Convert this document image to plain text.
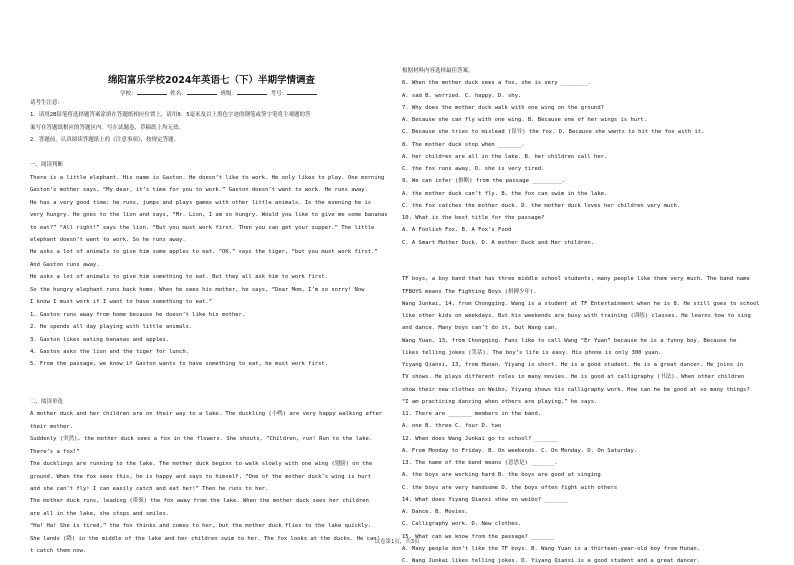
绵阳富乐学校2024年英语七（下）半期学情调查
学校：	姓名：	班级：	考号：
请考生注意：
1．请用2B铅笔将选择题答案涂填在答题纸相应位置上，请用0．5毫米及以上黑色字迹的钢笔或签字笔将主观题的答
案写在答题纸相应的答题区内。写在试题卷、草稿纸上均无效。
2．答题前，认真阅读答题纸上的《注意事项》，按规定答题。
一、阅读判断
There is a little elephant. His name is Gaston. He doesn’t like to work. He only likes to play. One morning
Gaston’s mother says, “My dear, it’s time for you to work.” Gaston doesn’t want to work. He runs away.
He has a very good time: he runs, jumps and plays games with other little animals. In the evening he is
very hungry. He goes to the lion and says, “Mr. Lion, I am so hungry. Would you like to give me some bananas
to eat?” “All right!” says the lion. “But you must work first. Then you can get your supper.” The little
elephant doesn’t want to work. So he runs away.
He asks a lot of animals to give him some apples to eat. “OK,” says the tiger, “but you must work first.”
And Gaston runs away.
He asks a lot of animals to give him something to eat. But they all ask him to work first.
So the hungry elephant runs back home. When he sees his mother, he says, “Dear Mom, I’m so sorry! Now
I know I must work if I want to have something to eat.”
1. Gaston runs away from home because he doesn’t like his mother.
2. He spends all day playing with little animals.
3. Gaston likes eating bananas and apples.
4. Gaston asks the lion and the tiger for lunch.
5. From the passage, we know if Gaston wants to have something to eat, he must work first.
二、阅读单选
A mother duck and her children are on their way to a lake. The duckling (小鸭) are very happy walking after
their mother.
Suddenly (突然), the mother duck sees a fox in the flowers. She shouts, “Children, run! Run to the lake.
There’s a fox!”
The ducklings are running to the lake. The mother duck begins to walk slowly with one wing (翅膀) on the
ground. When the fox sees this, he is happy and says to himself, “One of the mother duck’s wing is hurt
and she can’t fly! I can easily catch and eat her!” Then he runs to her.
The mother duck runs, leading (带领) the fox away from the lake. When the mother duck sees her children
are all in the lake, she stops and smiles.
“Ha! Ha! She is tired,” the fox thinks and comes to her, but the mother duck flies to the lake quickly.
She lands (降) in the middle of the lake and her children swim to her. The fox looks at the ducks. He can’
t catch them now.
根据材料内容选择最佳答案。
6. When the mother duck sees a fox, she is very ________.
A. sad B. worried. C. happy. D. shy.
7. Why does the mother duck walk with one wing on the ground?
A. Because she can fly with one wing. B. Because one of her wings is hurt.
C. Because she tries to mislead (误导) the fox. D. Because she wants to hit the fox with it.
8. The mother duck stop when _______.
A. her children are all in the lake. B. her children call her.
C. the fox runs away. D. she is very tired.
9. We can infer (推断) from the passage _________.
A. the mother duck can’t fly. B. the fox can swim in the lake.
C. the fox catches the mother duck. D. the mother duck loves her children very much.
10. What is the best title for the passage?
A. A Foolish Fox. B. A Fox’s Food
C. A Smart Mother Duck. D. A mother Duck and Her children.
TF boys, a boy band that has three middle school students, many people like them very much. The band name
TFBOYS means The Fighting Boys (拼搏少年).
Wang Junkai, 14, from Chongqing. Wang is a student at TF Entertainment when he is 8. He still goes to school
like other kids on weekdays. But his weekends are busy with training (训练) classes. He learns how to sing
and dance. Many boys can’t do it, but Wang can.
Wang Yuan, 13, from Chongqing. Fans like to call Wang “Er Yuan” because he is a funny boy. Because he
likes telling jokes (笑话). The boy’s life is easy. His phone is only 300 yuan.
Yiyang Qianxi, 13, from Hunan. Yiyang is short. He is a good student. He is a great dancer. He joins in
TV shows. He plays different roles in many movies. He is good at calligraphy (书法). When other children
show their new clothes on Weibo, Yiyang shows his calligraphy work. How can he be good at so many things?
“I am practicing dancing when others are playing.” he says.
11. There are _______ members in the band.
A. one B. three C. four D. two
12. When does Wang Junkai go to school? _______
A. From Monday to Friday. B. On weekends. C. On Monday. D. On Saturday.
13. The name of the band means (意思是) _______.
A. the boys are working hard B. the boys are good at singing
C. the boys are very handsome D. the boys often fight with others
14. What does Yiyang Qianxi show on weibo? _______
A. Dance. B. Movies.
C. Calligraphy work. D. New clothes.
15. What can we know from the passage? _______
A. Many people don’t like the TF boys. B. Wang Yuan is a thirteen-year-old boy from Hunan.
C. Wang Junkai likes telling jokes. D. Yiyang Qianxi is a good student and a great dancer.
试卷第1页，共3页
